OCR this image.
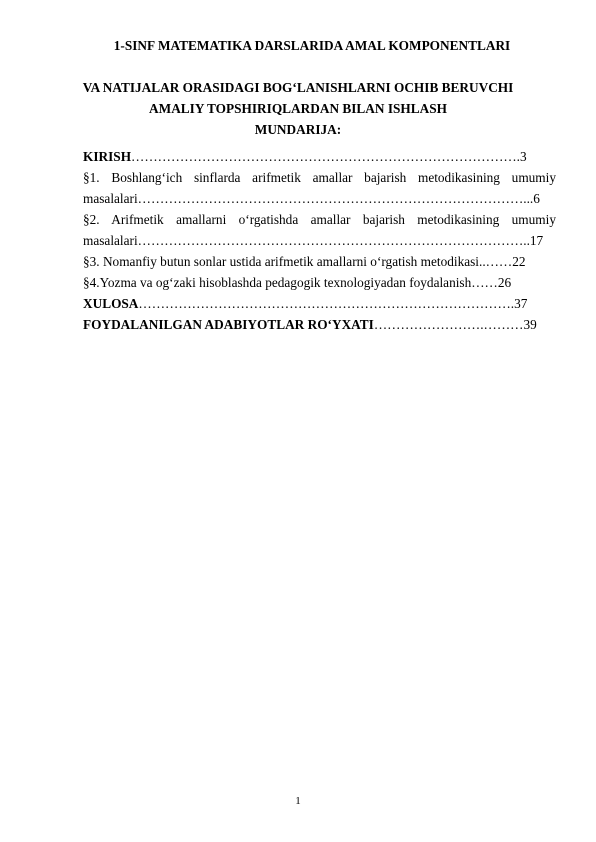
1-SINF MATEMATIKA DARSLARIDA AMAL KOMPONENTLARI
VA NATIJALAR ORASIDAGI BOG‘LANISHLARNI OCHIB BERUVCHI
AMALIY TOPSHIRIQLARDAN BILAN ISHLASH
MUNDARIJA:
KIRISH…………………………………………………………………………….3
§1. Boshlang‘ich sinflarda arifmetik amallar bajarish metodikasining umumiy
masalalari……………………………………………………………………………...6
§2. Arifmetik amallarni o‘rgatishda amallar bajarish metodikasining umumiy
masalalari……………………………………………………………………………..17
§3. Nomanfiy butun sonlar ustida arifmetik amallarni o‘rgatish metodikasi..……22
§4.Yozma va og‘zaki hisoblashda pedagogik texnologiyadan foydalanish……26
XULOSA………………………………………………………………………….37
FOYDALANILGAN ADABIYOTLAR RO‘YXATI…………………….………39
1
